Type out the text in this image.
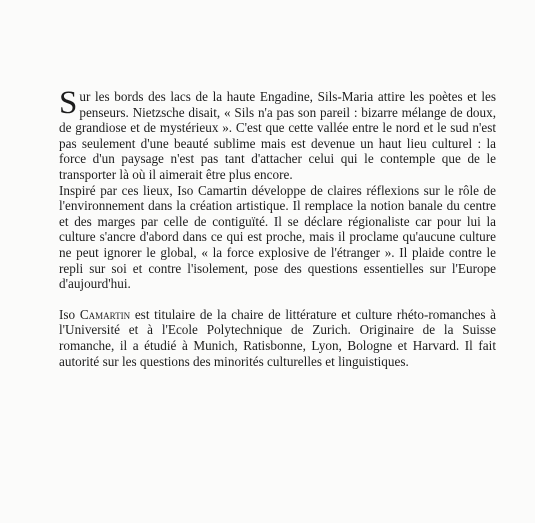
Sur les bords des lacs de la haute Engadine, Sils-Maria attire les poètes et les penseurs. Nietzsche disait, « Sils n'a pas son pareil : bizarre mélange de doux, de grandiose et de mystérieux ». C'est que cette vallée entre le nord et le sud n'est pas seulement d'une beauté sublime mais est devenue un haut lieu culturel : la force d'un paysage n'est pas tant d'attacher celui qui le contemple que de le transporter là où il aimerait être plus encore.

Inspiré par ces lieux, Iso Camartin développe de claires réflexions sur le rôle de l'environnement dans la création artistique. Il remplace la notion banale du centre et des marges par celle de contiguïté. Il se déclare régionaliste car pour lui la culture s'ancre d'abord dans ce qui est proche, mais il proclame qu'aucune culture ne peut ignorer le global, « la force explosive de l'étranger ». Il plaide contre le repli sur soi et contre l'isolement, pose des questions essentielles sur l'Europe d'aujourd'hui.

Iso Camartin est titulaire de la chaire de littérature et culture rhéto-romanches à l'Université et à l'Ecole Polytechnique de Zurich. Originaire de la Suisse romanche, il a étudié à Munich, Ratisbonne, Lyon, Bologne et Harvard. Il fait autorité sur les questions des minorités culturelles et linguistiques.
